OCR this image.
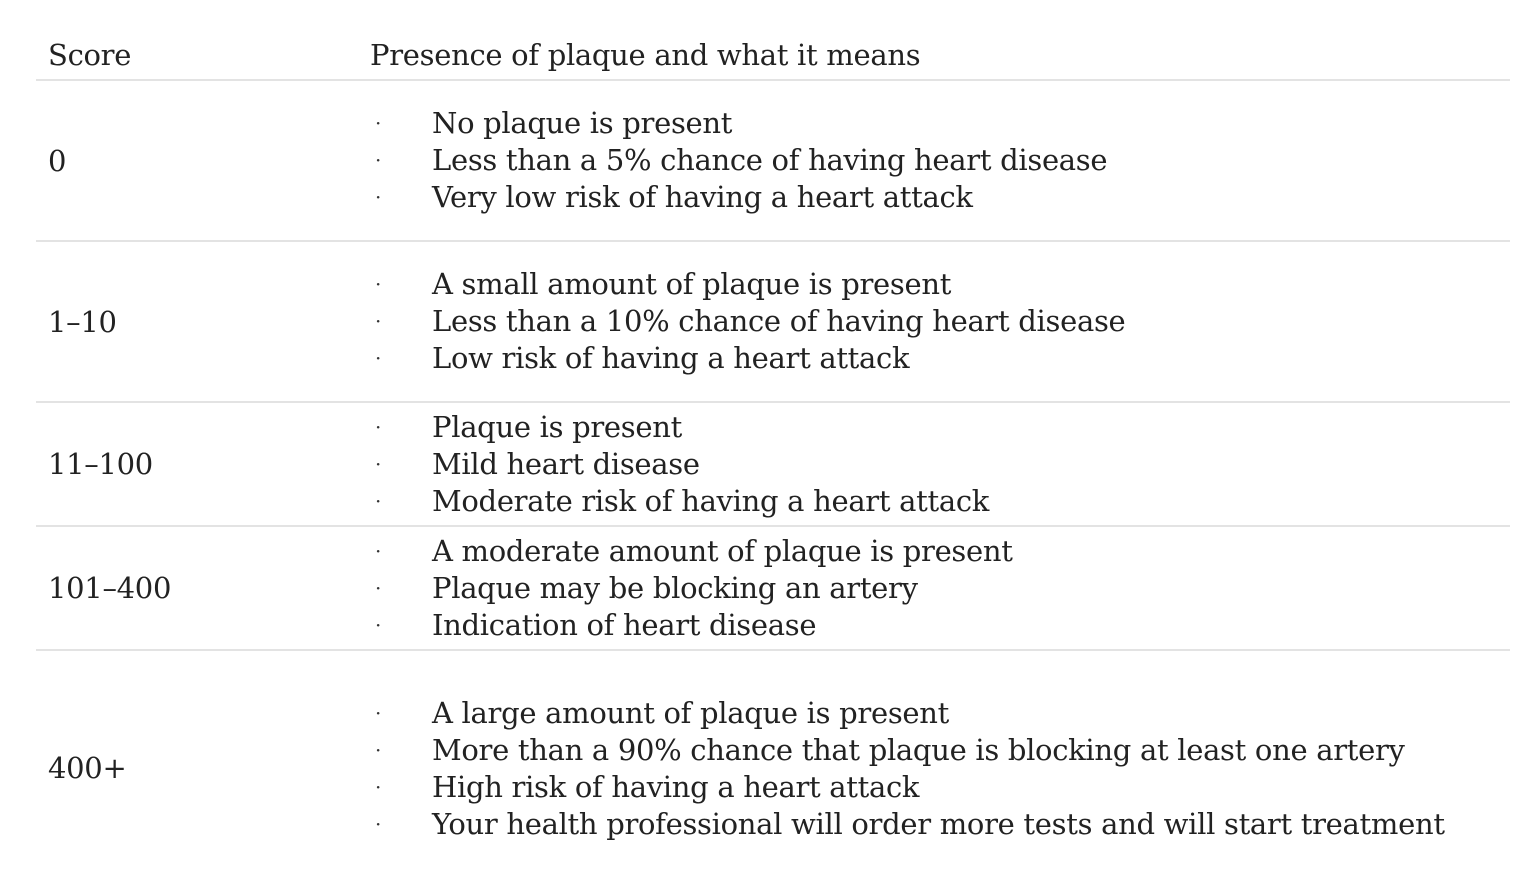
Score	Presence of plaque and what it means
0
· No plaque is present
· Less than a 5% chance of having heart disease
· Very low risk of having a heart attack
1–10
· A small amount of plaque is present
· Less than a 10% chance of having heart disease
· Low risk of having a heart attack
11–100
· Plaque is present
· Mild heart disease
· Moderate risk of having a heart attack
101–400
· A moderate amount of plaque is present
· Plaque may be blocking an artery
· Indication of heart disease
400+
· A large amount of plaque is present
· More than a 90% chance that plaque is blocking at least one artery
· High risk of having a heart attack
· Your health professional will order more tests and will start treatment
